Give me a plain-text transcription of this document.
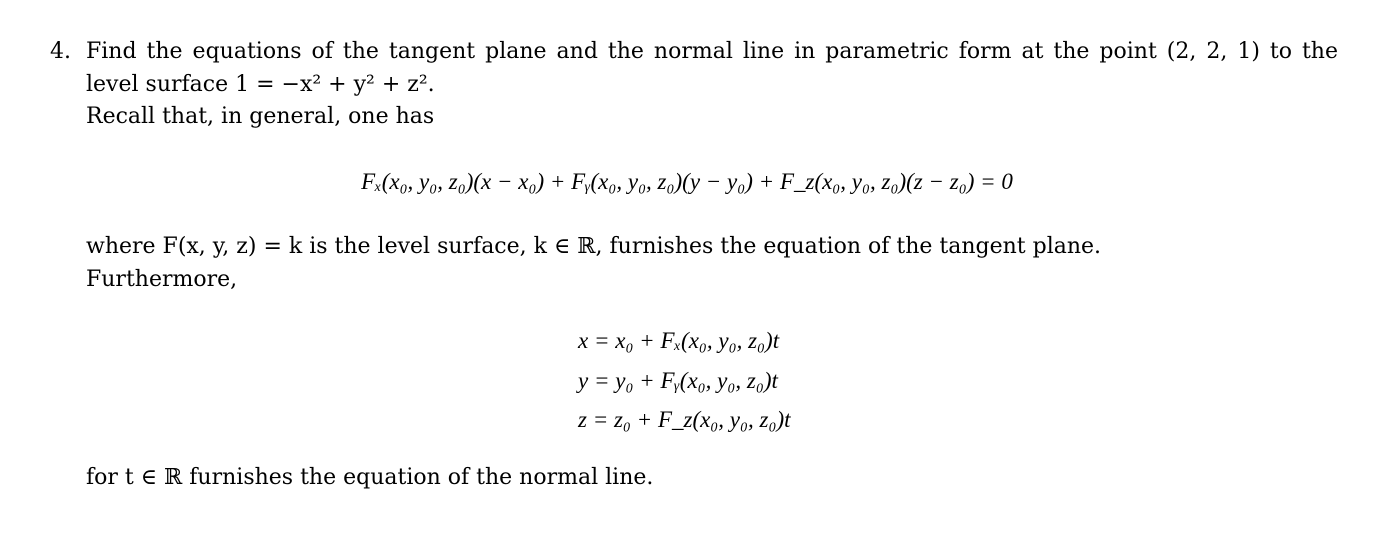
4. Find the equations of the tangent plane and the normal line in parametric form at the point (2, 2, 1) to the
level surface 1 = −x² + y² + z².
Recall that, in general, one has
Fₓ(x₀, y₀, z₀)(x − x₀) + Fᵧ(x₀, y₀, z₀)(y − y₀) + F_z(x₀, y₀, z₀)(z − z₀) = 0
where F(x, y, z) = k is the level surface, k ∈ ℝ, furnishes the equation of the tangent plane.
Furthermore,
x = x₀ + Fₓ(x₀, y₀, z₀)t
y = y₀ + Fᵧ(x₀, y₀, z₀)t
z = z₀ + F_z(x₀, y₀, z₀)t
for t ∈ ℝ furnishes the equation of the normal line.
